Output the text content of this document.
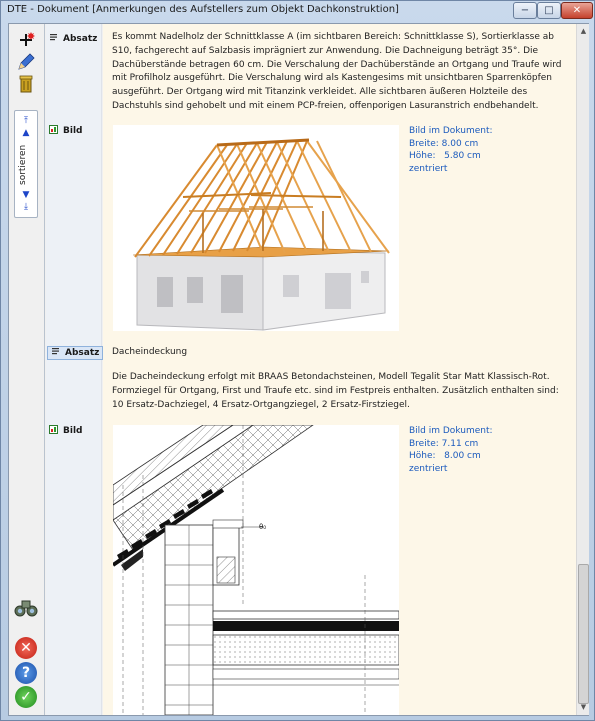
DTE - Dokument [Anmerkungen des Aufstellers zum Objekt Dachkonstruktion]	−	□	✕
⤒
▲
sortieren
▼
⤓
✕
?
✓
Absatz
Bild
Absatz
Bild
Es kommt Nadelholz der Schnittklasse A (im sichtbaren Bereich: Schnittklasse S), Sortierklasse ab S10, fachgerecht auf Salzbasis imprägniert zur Anwendung. Die Dachneigung beträgt 35°. Die Dachüberstände betragen 60 cm. Die Verschalung der Dachüberstände an Ortgang und Traufe wird mit Profilholz ausgeführt. Die Verschalung wird als Kastengesims mit unsichtbaren Sparrenköpfen ausgeführt. Der Ortgang wird mit Titanzink verkleidet. Alle sichtbaren äußeren Holzteile des Dachstuhls sind gehobelt und mit einem PCP-freien, offenporigen Lasuranstrich endbehandelt.
Bild im Dokument:
Breite: 8.00 cm
Höhe:   5.80 cm
zentriert
Dacheindeckung
Die Dacheindeckung erfolgt mit BRAAS Betondachsteinen, Modell Tegalit Star Matt Klassisch-Rot. Formziegel für Ortgang, First und Traufe etc. sind im Festpreis enthalten. Zusätzlich enthalten sind: 10 Ersatz-Dachziegel, 4 Ersatz-Ortgangziegel, 2 Ersatz-Firstziegel.
θ₀
Bild im Dokument:
Breite: 7.11 cm
Höhe:   8.00 cm
zentriert
▲
▼
